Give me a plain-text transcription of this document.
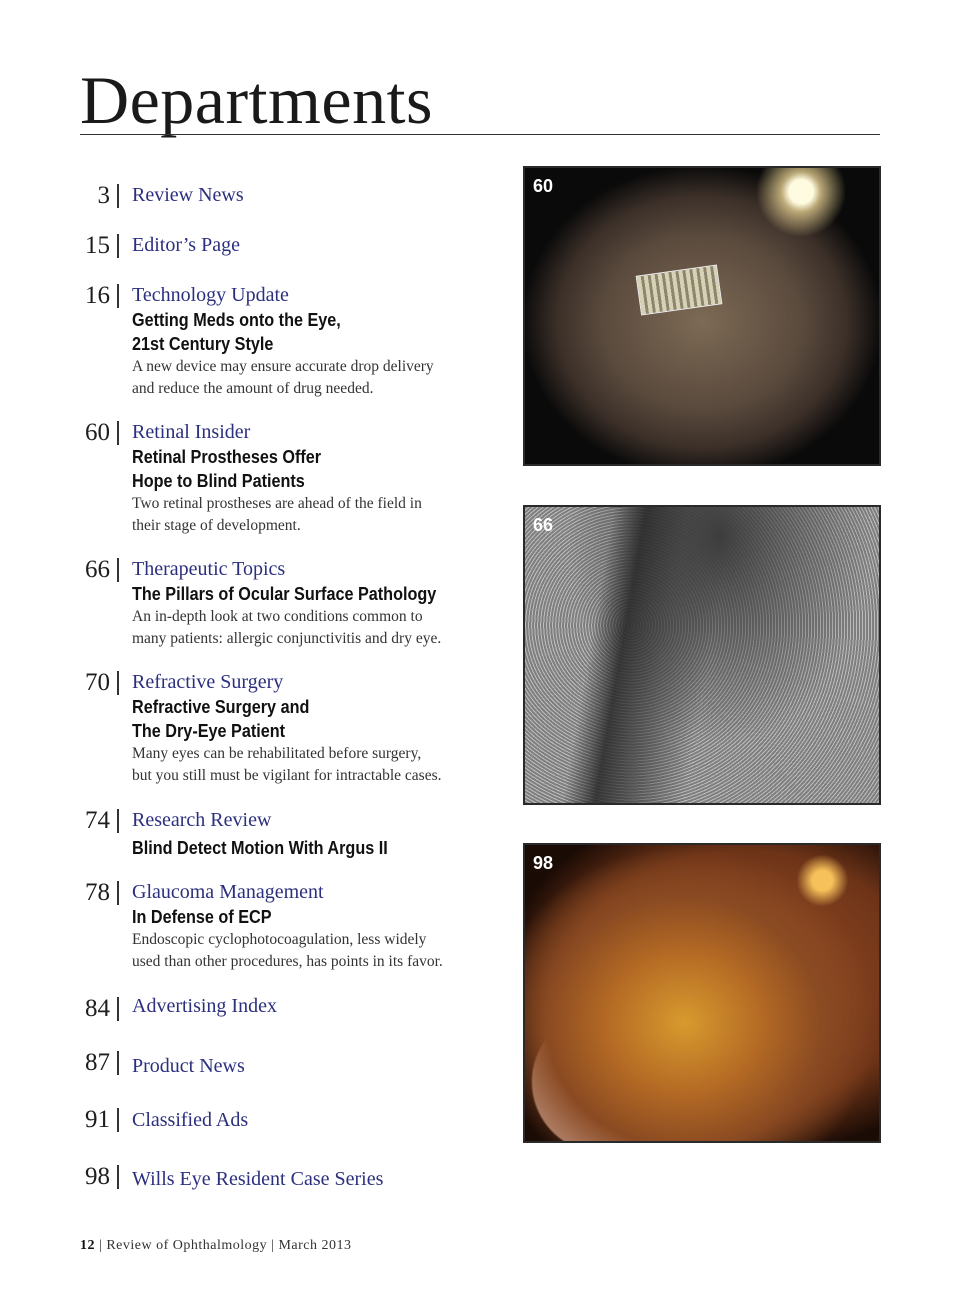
Departments
3 Review News
15 Editor’s Page
16 Technology Update
Getting Meds onto the Eye,
21st Century Style
A new device may ensure accurate drop delivery
and reduce the amount of drug needed.
60 Retinal Insider
Retinal Prostheses Offer
Hope to Blind Patients
Two retinal prostheses are ahead of the field in
their stage of development.
66 Therapeutic Topics
The Pillars of Ocular Surface Pathology
An in-depth look at two conditions common to
many patients: allergic conjunctivitis and dry eye.
70 Refractive Surgery
Refractive Surgery and
The Dry-Eye Patient
Many eyes can be rehabilitated before surgery,
but you still must be vigilant for intractable cases.
74 Research Review
Blind Detect Motion With Argus II
78 Glaucoma Management
In Defense of ECP
Endoscopic cyclophotocoagulation, less widely
used than other procedures, has points in its favor.
84 Advertising Index
87 Product News
91 Classified Ads
98 Wills Eye Resident Case Series
60
66
98
12 | Review of Ophthalmology | March 2013
